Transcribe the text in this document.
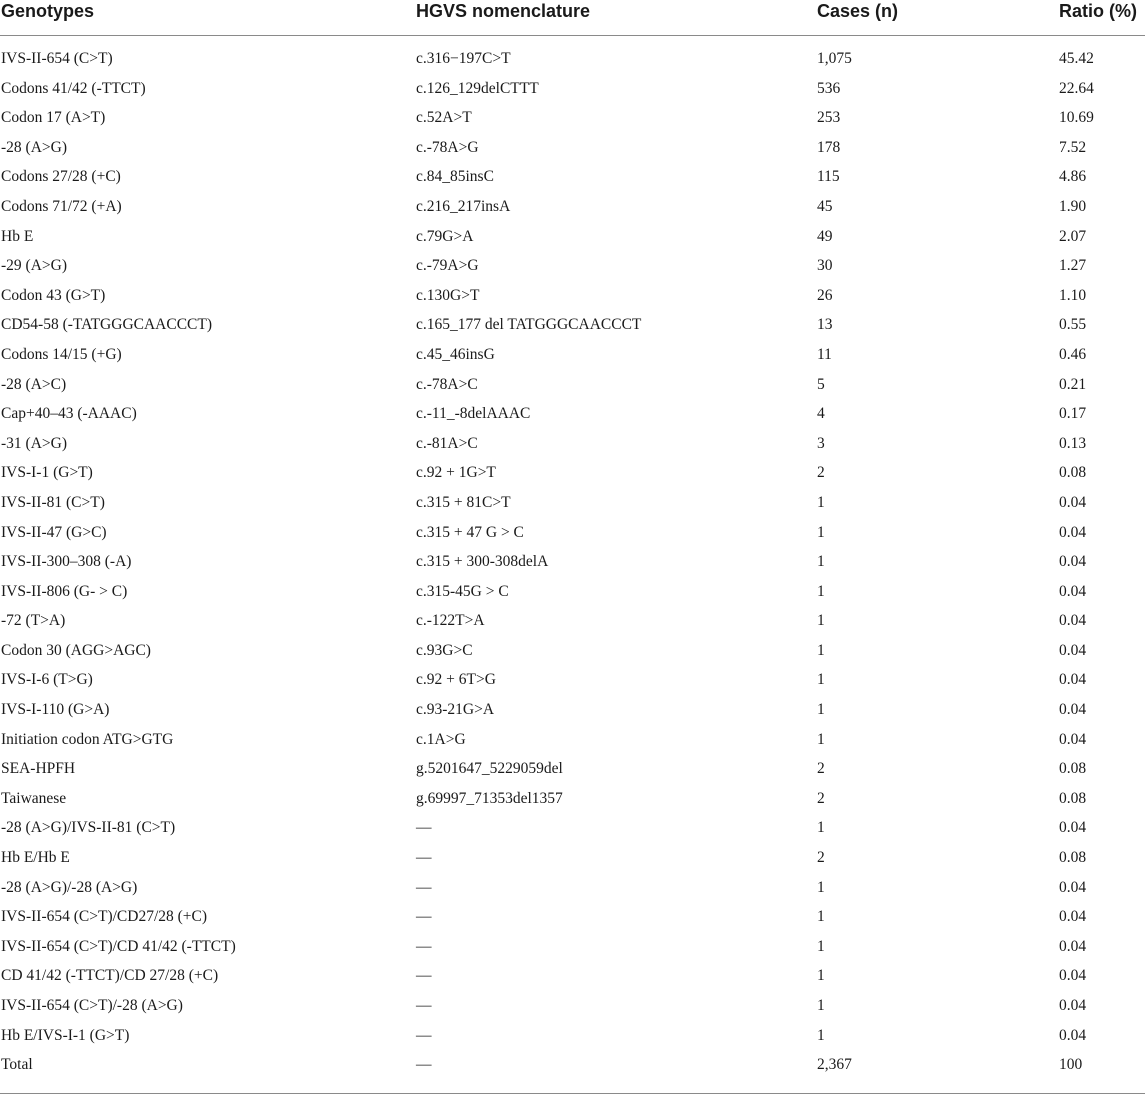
Genotypes	HGVS nomenclature	Cases (n)	Ratio (%)
IVS-II-654 (C>T)	c.316−197C>T	1,075	45.42
Codons 41/42 (-TTCT)	c.126_129delCTTT	536	22.64
Codon 17 (A>T)	c.52A>T	253	10.69
-28 (A>G)	c.-78A>G	178	7.52
Codons 27/28 (+C)	c.84_85insC	115	4.86
Codons 71/72 (+A)	c.216_217insA	45	1.90
Hb E	c.79G>A	49	2.07
-29 (A>G)	c.-79A>G	30	1.27
Codon 43 (G>T)	c.130G>T	26	1.10
CD54-58 (-TATGGGCAACCCT)	c.165_177 del TATGGGCAACCCT	13	0.55
Codons 14/15 (+G)	c.45_46insG	11	0.46
-28 (A>C)	c.-78A>C	5	0.21
Cap+40–43 (-AAAC)	c.-11_-8delAAAC	4	0.17
-31 (A>G)	c.-81A>C	3	0.13
IVS-I-1 (G>T)	c.92 + 1G>T	2	0.08
IVS-II-81 (C>T)	c.315 + 81C>T	1	0.04
IVS-II-47 (G>C)	c.315 + 47 G > C	1	0.04
IVS-II-300–308 (-A)	c.315 + 300-308delA	1	0.04
IVS-II-806 (G- > C)	c.315-45G > C	1	0.04
-72 (T>A)	c.-122T>A	1	0.04
Codon 30 (AGG>AGC)	c.93G>C	1	0.04
IVS-I-6 (T>G)	c.92 + 6T>G	1	0.04
IVS-I-110 (G>A)	c.93-21G>A	1	0.04
Initiation codon ATG>GTG	c.1A>G	1	0.04
SEA-HPFH	g.5201647_5229059del	2	0.08
Taiwanese	g.69997_71353del1357	2	0.08
-28 (A>G)/IVS-II-81 (C>T)	—	1	0.04
Hb E/Hb E	—	2	0.08
-28 (A>G)/-28 (A>G)	—	1	0.04
IVS-II-654 (C>T)/CD27/28 (+C)	—	1	0.04
IVS-II-654 (C>T)/CD 41/42 (-TTCT)	—	1	0.04
CD 41/42 (-TTCT)/CD 27/28 (+C)	—	1	0.04
IVS-II-654 (C>T)/-28 (A>G)	—	1	0.04
Hb E/IVS-I-1 (G>T)	—	1	0.04
Total	—	2,367	100
